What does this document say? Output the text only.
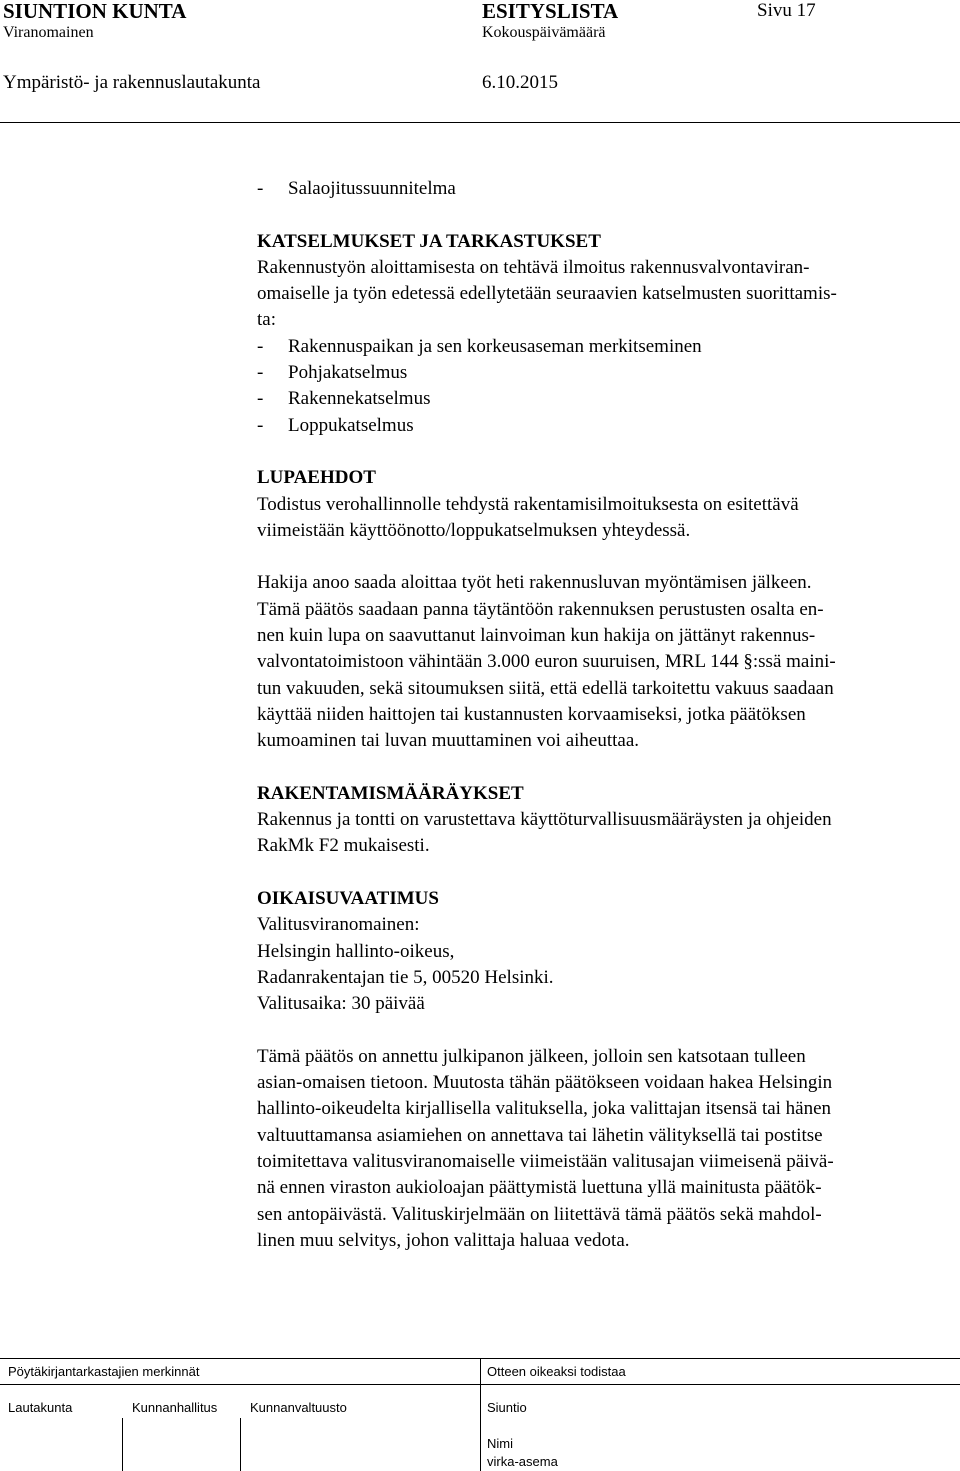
SIUNTION KUNTA	ESITYSLISTA	Sivu 17
Viranomainen	Kokouspäivämäärä
Ympäristö- ja rakennuslautakunta	6.10.2015
- Salaojitussuunnitelma
KATSELMUKSET JA TARKASTUKSET
Rakennustyön aloittamisesta on tehtävä ilmoitus rakennusvalvontaviran-
omaiselle ja työn edetessä edellytetään seuraavien katselmusten suorittamis-
ta:
- Rakennuspaikan ja sen korkeusaseman merkitseminen
- Pohjakatselmus
- Rakennekatselmus
- Loppukatselmus
LUPAEHDOT
Todistus verohallinnolle tehdystä rakentamisilmoituksesta on esitettävä
viimeistään käyttöönotto/loppukatselmuksen yhteydessä.
Hakija anoo saada aloittaa työt heti rakennusluvan myöntämisen jälkeen.
Tämä päätös saadaan panna täytäntöön rakennuksen perustusten osalta en-
nen kuin lupa on saavuttanut lainvoiman kun hakija on jättänyt rakennus-
valvontatoimistoon vähintään 3.000 euron suuruisen, MRL 144 §:ssä maini-
tun vakuuden, sekä sitoumuksen siitä, että edellä tarkoitettu vakuus saadaan
käyttää niiden haittojen tai kustannusten korvaamiseksi, jotka päätöksen
kumoaminen tai luvan muuttaminen voi aiheuttaa.
RAKENTAMISMÄÄRÄYKSET
Rakennus ja tontti on varustettava käyttöturvallisuusmääräysten ja ohjeiden
RakMk F2 mukaisesti.
OIKAISUVAATIMUS
Valitusviranomainen:
Helsingin hallinto-oikeus,
Radanrakentajan tie 5, 00520 Helsinki.
Valitusaika: 30 päivää
Tämä päätös on annettu julkipanon jälkeen, jolloin sen katsotaan tulleen
asian-omaisen tietoon. Muutosta tähän päätökseen voidaan hakea Helsingin
hallinto-oikeudelta kirjallisella valituksella, joka valittajan itsensä tai hänen
valtuuttamansa asiamiehen on annettava tai lähetin välityksellä tai postitse
toimitettava valitusviranomaiselle viimeistään valitusajan viimeisenä päivä-
nä ennen viraston aukioloajan päättymistä luettuna yllä mainitusta päätök-
sen antopäivästä. Valituskirjelmään on liitettävä tämä päätös sekä mahdol-
linen muu selvitys, johon valittaja haluaa vedota.
Pöytäkirjantarkastajien merkinnät	Otteen oikeaksi todistaa
Lautakunta	Kunnanhallitus	Kunnanvaltuusto	Siuntio
Nimi
virka-asema
